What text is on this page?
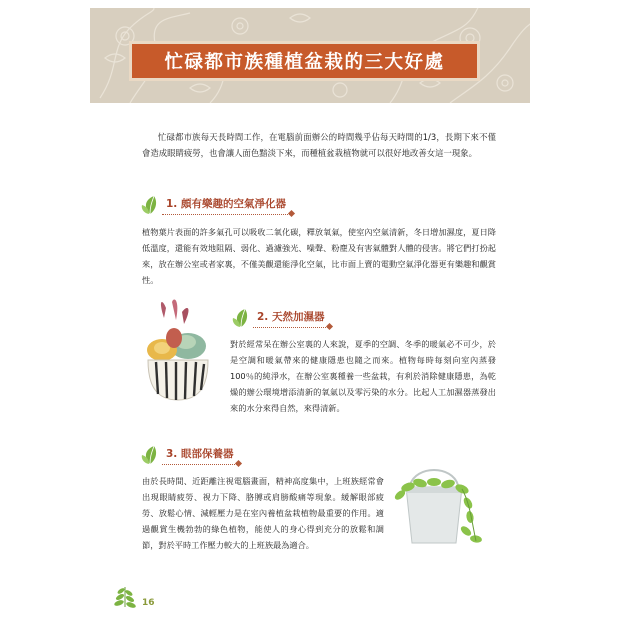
忙碌都市族種植盆栽的三大好處
忙碌都市族每天長時間工作，在電腦前面辦公的時間幾乎佔每天時間的1/3，長期下來不僅會造成眼睛疲勞，也會讓人面色黯淡下來，而種植盆栽植物就可以很好地改善女這一現象。
1. 頗有樂趣的空氣淨化器
植物葉片表面的許多氣孔可以吸收二氧化碳，釋放氧氣，使室內空氣清新，冬日增加濕度，夏日降低溫度，還能有效地阻隔、弱化、過濾強光、噪聲、粉塵及有害氣體對人體的侵害。將它們打扮起來，放在辦公室或者家裏，不僅美觀還能淨化空氣，比市面上賣的電動空氣淨化器更有樂趣和觀賞性。
2. 天然加濕器
對於經常呆在辦公室裏的人來說，夏季的空調、冬季的暖氣必不可少，於是空調和暖氣帶來的健康隱患也隨之而來。植物每時每刻向室內蒸發100％的純淨水，在辦公室裏種養一些盆栽，有利於消除健康隱患，為乾燥的辦公環境增添清新的氧氣以及零污染的水分。比起人工加濕器蒸發出來的水分來得自然，來得清新。
3. 眼部保養器
由於長時間、近距離注視電腦畫面，精神高度集中，上班族經常會出現眼睛疲勞、視力下降、胳膊或肩膀酸痛等現象。緩解眼部疲勞、放鬆心情、減輕壓力是在室內養植盆栽植物最重要的作用。適過觀賞生機勃勃的綠色植物，能使人的身心得到充分的放鬆和調節，對於平時工作壓力較大的上班族最為適合。
16
